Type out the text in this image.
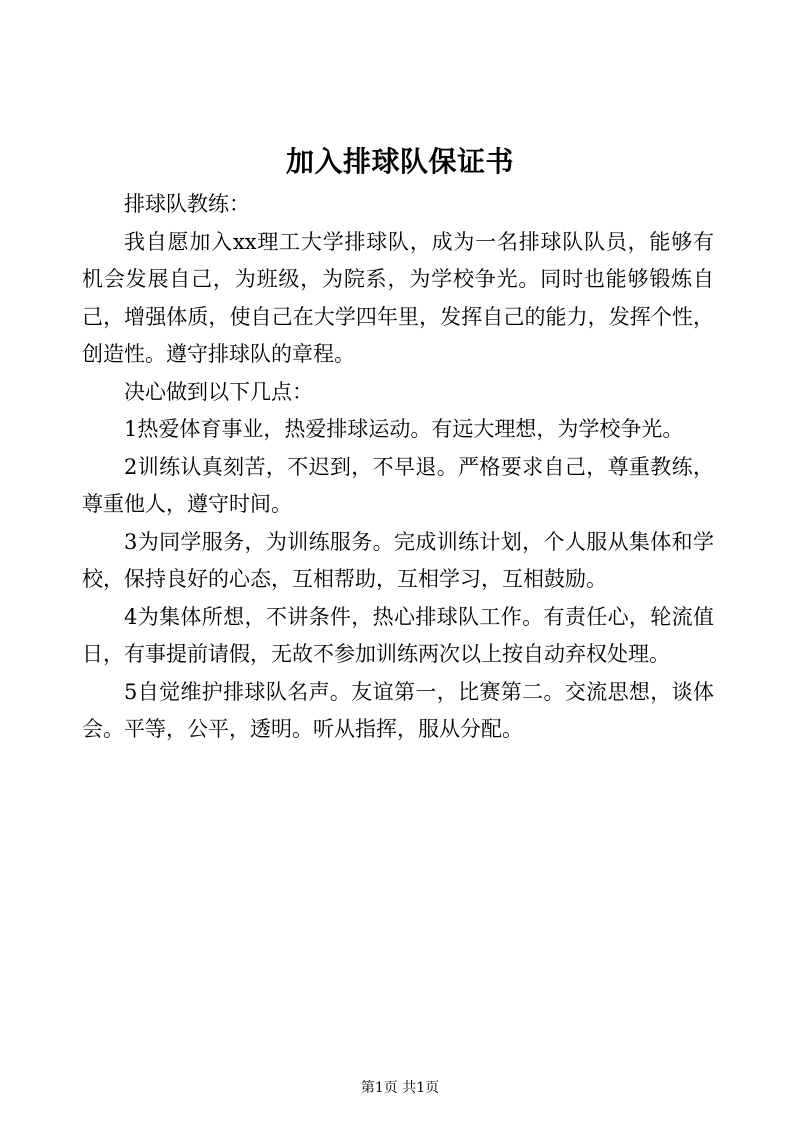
加入排球队保证书

排球队教练：

我自愿加入xx理工大学排球队，成为一名排球队队员，能够有机会发展自己，为班级，为院系，为学校争光。同时也能够锻炼自己，增强体质，使自己在大学四年里，发挥自己的能力，发挥个性，创造性。遵守排球队的章程。

决心做到以下几点：

1热爱体育事业，热爱排球运动。有远大理想，为学校争光。

2训练认真刻苦，不迟到，不早退。严格要求自己，尊重教练，尊重他人，遵守时间。

3为同学服务，为训练服务。完成训练计划，个人服从集体和学校，保持良好的心态，互相帮助，互相学习，互相鼓励。

4为集体所想，不讲条件，热心排球队工作。有责任心，轮流值日，有事提前请假，无故不参加训练两次以上按自动弃权处理。

5自觉维护排球队名声。友谊第一，比赛第二。交流思想，谈体会。平等，公平，透明。听从指挥，服从分配。

第1页 共1页
